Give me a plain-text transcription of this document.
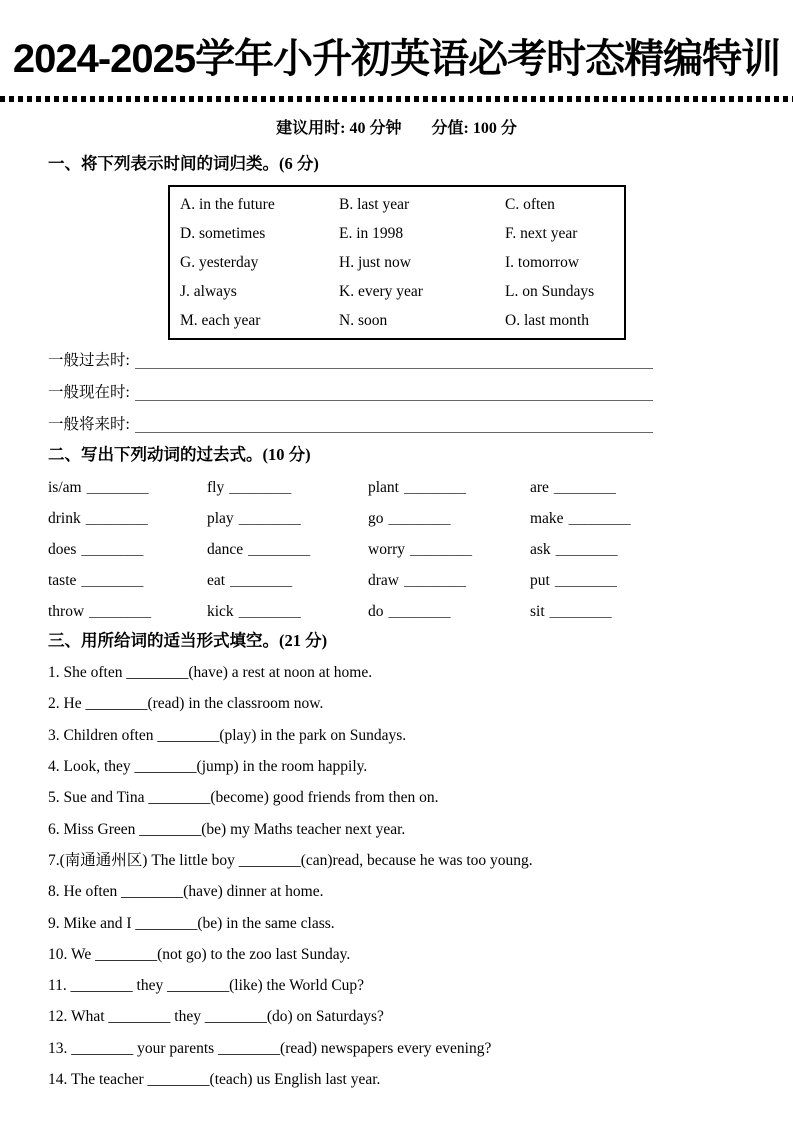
2024-2025学年小升初英语必考时态精编特训
建议用时: 40 分钟 分值: 100 分
一、将下列表示时间的词归类。(6 分)
A. in the future	B. last year	C. often
D. sometimes	E. in 1998	F. next year
G. yesterday	H. just now	I. tomorrow
J. always	K. every year	L. on Sundays
M. each year	N. soon	O. last month
一般过去时:
一般现在时:
一般将来时:
二、写出下列动词的过去式。(10 分)
is/am ________	fly ________	plant ________	are ________
drink ________	play ________	go ________	make ________
does ________	dance ________	worry ________	ask ________
taste ________	eat ________	draw ________	put ________
throw ________	kick ________	do ________	sit ________
三、用所给词的适当形式填空。(21 分)
1. She often ________(have) a rest at noon at home.
2. He ________(read) in the classroom now.
3. Children often ________(play) in the park on Sundays.
4. Look, they ________(jump) in the room happily.
5. Sue and Tina ________(become) good friends from then on.
6. Miss Green ________(be) my Maths teacher next year.
7.(南通通州区) The little boy ________(can)read, because he was too young.
8. He often ________(have) dinner at home.
9. Mike and I ________(be) in the same class.
10. We ________(not go) to the zoo last Sunday.
11. ________ they ________(like) the World Cup?
12. What ________ they ________(do) on Saturdays?
13. ________ your parents ________(read) newspapers every evening?
14. The teacher ________(teach) us English last year.
